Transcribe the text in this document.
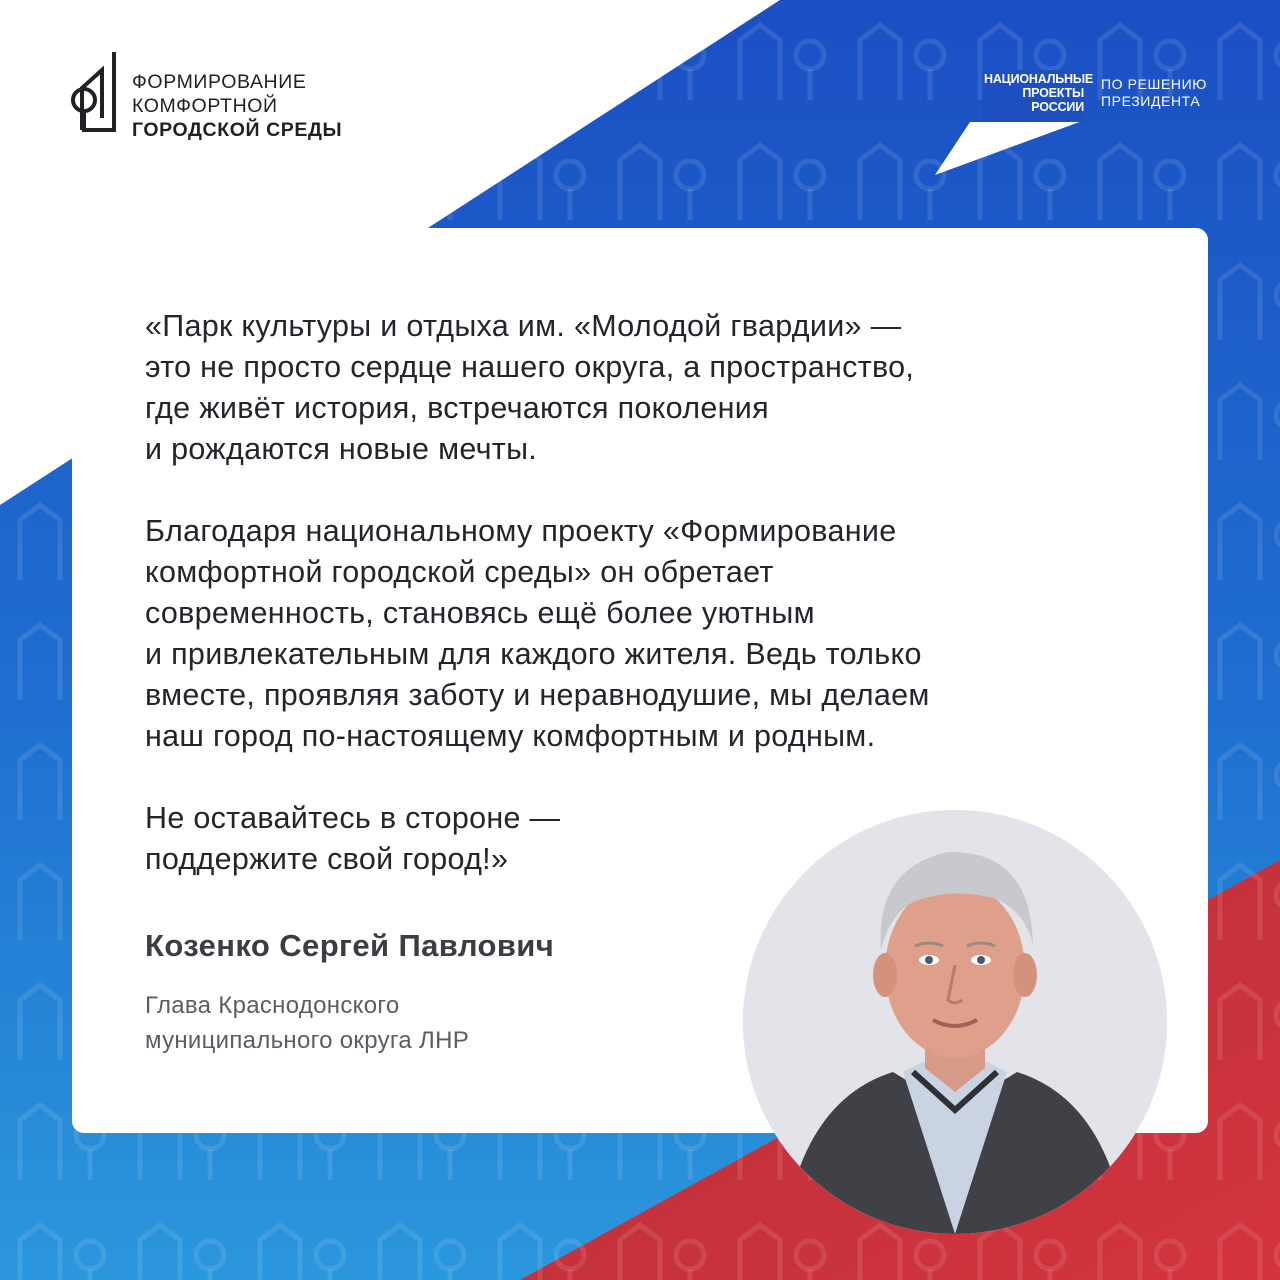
ФОРМИРОВАНИЕ
КОМФОРТНОЙ
ГОРОДСКОЙ СРЕДЫ
НАЦИОНАЛЬНЫЕ
ПРОЕКТЫ
РОССИИ
ПО РЕШЕНИЮ
ПРЕЗИДЕНТА

«Парк культуры и отдыха им. «Молодой гвардии» —
это не просто сердце нашего округа, а пространство,
где живёт история, встречаются поколения
и рождаются новые мечты.

Благодаря национальному проекту «Формирование
комфортной городской среды» он обретает
современность, становясь ещё более уютным
и привлекательным для каждого жителя. Ведь только
вместе, проявляя заботу и неравнодушие, мы делаем
наш город по-настоящему комфортным и родным.

Не оставайтесь в стороне —
поддержите свой город!»

Козенко Сергей Павлович
Глава Краснодонского
муниципального округа ЛНР
